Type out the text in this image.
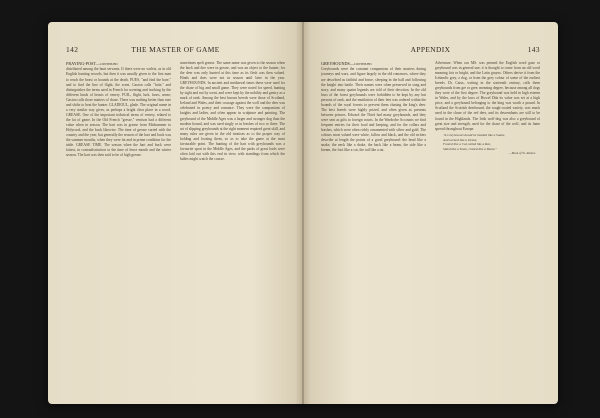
142	THE MASTER OF GAME

FRAYING-POST—continued

distributed among the hunt servants. If there were no varlets, as in old English hunting records, but then it was usually given to the first man to reach the beast or hounds at the death. FUES, "and find the hare," and to find the line of flight, the scent. Gaston calls "fuite," and distinguishes the terms used in French for scenting and tracking by the different kinds of beasts of venery. FUIL, flight, lurk, fuses, sense; Gaston calls those matters of chase. There was nothing better than ruse and shifts to beat the hunter. GLADIOUL, glade. The original name in a very similar way gives, as perhaps a bright clear place in a wood. GREASE. One of the important technical terms of venery, related to the fat of game. In the Old French "gresse," venison had a different value when in season. The hart was in grease from Midsummer to Holyrood, and the buck likewise. The time of grease varied with the country and the year, but generally the season of the hart and buck was the summer months, when they were fat and in prime condition for the table. GREASE TIME. The season when the hart and buck were fattest, in contradistinction to the time of fence month and the winter season. The hart was then said to be of high grease.

sometimes spelt grease. The same name was given to the season when the buck and doe were in grease, and was an object to the hunter; for the deer was only hunted at this time as its flesh was then valued. Hinds and does were not in season until later in the year. GREYHOUNDS. In ancient and mediaeval times these were used for the chase of big and small game. They were noted for speed, hunting by sight and not by scent, and were kept by the nobility and gentry as a mark of rank. Among the best known breeds were those of Scotland, Ireland and Wales, and their courage against the wolf and the deer was celebrated in poetry and romance. They were the companions of knights and ladies, and often appear in sculpture and painting. The greyhound of the Middle Ages was a larger and stronger dog than the modern hound, and was used singly or in leashes of two or three. The art of slipping greyhounds at the right moment required great skill, and many rules are given in the old treatises as to the proper way of holding and loosing them, so as to take the game at the most favourable point. The hunting of the hart with greyhounds was a favourite sport in the Middle Ages, and the parks of great lords were often laid out with this end in view, with standings from which the ladies might watch the course.

APPENDIX	143

GREYHOUNDS—continued

Greyhounds were the constant companions of their masters during journeys and wars, and figure largely in the old romances, where they are described as faithful and brave, sleeping in the hall and following the knight into battle. Their names were often preserved in song and story, and many quaint legends are told of their devotion. In the old laws of the forest greyhounds were forbidden to be kept by any but persons of rank, and the mutilation of their feet was ordered within the bounds of the royal forests to prevent them chasing the king's deer. The best breeds were highly prized, and often given as presents between princes. Edward the Third had many greyhounds, and they were sent as gifts to foreign courts. In the Wardrobe Accounts we find frequent entries for their food and keeping, and for the collars and leashes, which were often richly ornamented with silver and gold. The colours most valued were white, fallow and black, and the old writers describe at length the points of a good greyhound: the head like a snake, the neck like a drake, the back like a beam, the side like a bream, the foot like a cat, the tail like a rat.

Adventure. When our MS. was penned the English word gaze or greyhound was in general use; it is thought to come from an old word meaning fair or bright, and the Latin grayus. Others derive it from the Icelandic grey, a dog, or from the grey colour of some of the earliest breeds. Dr. Caius, writing in the sixteenth century, calls them greyhounds from gre or gree, meaning degree, because among all dogs they were of the first degree. The greyhound was held in high esteem in Wales, and by the laws of Howel Dda its value was set at a high price, and a greyhound belonging to the king was worth a pound. In Scotland the Scottish deerhound, the rough-coated variety, was much used in the chase of the red deer, and its descendants are still to be found in the Highlands. The Irish wolf-dog was also a greyhound of great size and strength, used for the chase of the wolf, and its fame spread throughout Europe.

"A Greyhound should be headed like a Snake,
And necked like a Drake,
Footed like a Cat, tailed like a Rat,
Sided like a Team, chined like a Beam."
—Book of St. Albans.
